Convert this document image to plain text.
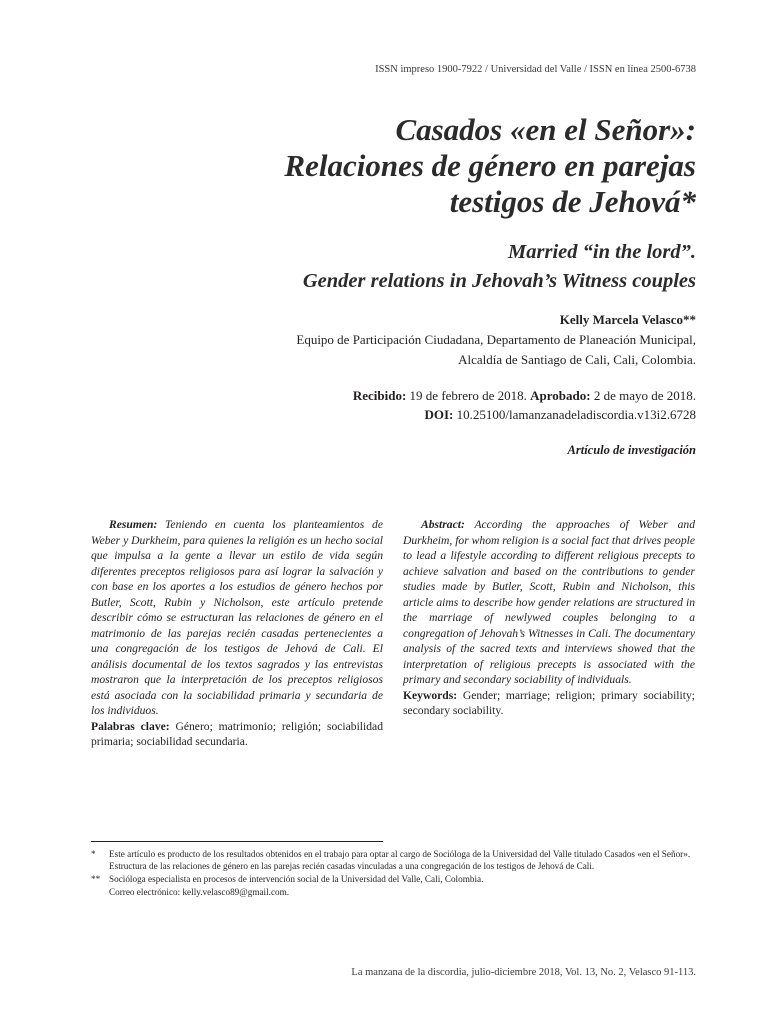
ISSN impreso 1900-7922 / Universidad del Valle / ISSN en línea 2500-6738
Casados «en el Señor»:
Relaciones de género en parejas
testigos de Jehová*
Married “in the lord”.
Gender relations in Jehovah’s Witness couples
Kelly Marcela Velasco**
Equipo de Participación Ciudadana, Departamento de Planeación Municipal,
Alcaldía de Santiago de Cali, Cali, Colombia.
Recibido: 19 de febrero de 2018. Aprobado: 2 de mayo de 2018.
DOI: 10.25100/lamanzanadeladiscordia.v13i2.6728
Artículo de investigación

Resumen: Teniendo en cuenta los planteamientos de Weber y Durkheim, para quienes la religión es un hecho social que impulsa a la gente a llevar un estilo de vida según diferentes preceptos religiosos para así lograr la salvación y con base en los aportes a los estudios de género hechos por Butler, Scott, Rubin y Nicholson, este artículo pretende describir cómo se estructuran las relaciones de género en el matrimonio de las parejas recién casadas pertenecientes a una congregación de los testigos de Jehová de Cali. El análisis documental de los textos sagrados y las entrevistas mostraron que la interpretación de los preceptos religiosos está asociada con la sociabilidad primaria y secundaria de los individuos.

Palabras clave: Género; matrimonio; religión; sociabilidad primaria; sociabilidad secundaria.

Abstract: According the approaches of Weber and Durkheim, for whom religion is a social fact that drives people to lead a lifestyle according to different religious precepts to achieve salvation and based on the contributions to gender studies made by Butler, Scott, Rubin and Nicholson, this article aims to describe how gender relations are structured in the marriage of newlywed couples belonging to a congregation of Jehovah’s Witnesses in Cali. The documentary analysis of the sacred texts and interviews showed that the interpretation of religious precepts is associated with the primary and secondary sociability of individuals.

Keywords: Gender; marriage; religion; primary sociability; secondary sociability.

*	Este artículo es producto de los resultados obtenidos en el trabajo para optar al cargo de Socióloga de la Universidad del Valle titulado Casados «en el Señor». Estructura de las relaciones de género en las parejas recién casadas vinculadas a una congregación de los testigos de Jehová de Cali.
** Socióloga especialista en procesos de intervención social de la Universidad del Valle, Cali, Colombia.
Correo electrónico: kelly.velasco89@gmail.com.
La manzana de la discordia, julio-diciembre 2018, Vol. 13, No. 2, Velasco 91-113.
